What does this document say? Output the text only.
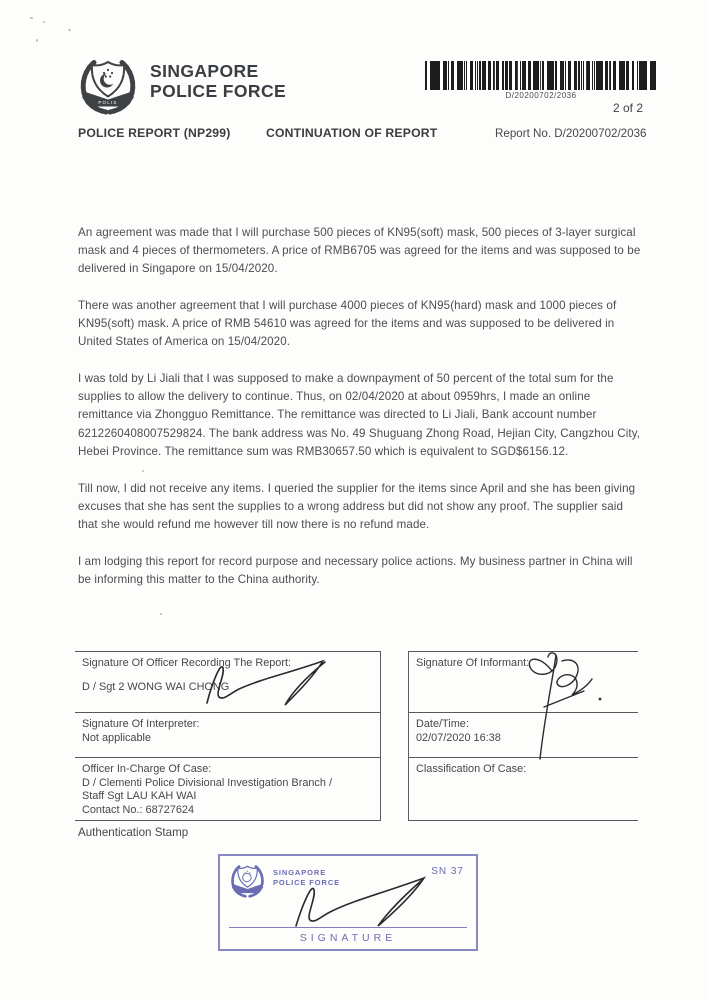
POLIS
SINGAPORE
POLICE FORCE	D/20200702/2036
2 of 2
POLICE REPORT (NP299)	CONTINUATION OF REPORT	Report No. D/20200702/2036

An agreement was made that I will purchase 500 pieces of KN95(soft) mask, 500 pieces of 3-layer surgical mask and 4 pieces of thermometers. A price of RMB6705 was agreed for the items and was supposed to be delivered in Singapore on 15/04/2020.

There was another agreement that I will purchase 4000 pieces of KN95(hard) mask and 1000 pieces of KN95(soft) mask. A price of RMB 54610 was agreed for the items and was supposed to be delivered in United States of America on 15/04/2020.

I was told by Li Jiali that I was supposed to make a downpayment of 50 percent of the total sum for the supplies to allow the delivery to continue. Thus, on 02/04/2020 at about 0959hrs, I made an online remittance via Zhongguo Remittance. The remittance was directed to Li Jiali, Bank account number 6212260408007529824. The bank address was No. 49 Shuguang Zhong Road, Hejian City, Cangzhou City, Hebei Province. The remittance sum was RMB30657.50 which is equivalent to SGD$6156.12.

Till now, I did not receive any items. I queried the supplier for the items since April and she has been giving excuses that she has sent the supplies to a wrong address but did not show any proof. The supplier said that she would refund me however till now there is no refund made.

I am lodging this report for record purpose and necessary police actions. My business partner in China will be informing this matter to the China authority.

Signature Of Officer Recording The Report:
D / Sgt 2 WONG WAI CHONG
Signature Of Interpreter:
Not applicable
Officer In-Charge Of Case:
D / Clementi Police Divisional Investigation Branch /
Staff Sgt LAU KAH WAI
Contact No.: 68727624
Signature Of Informant:
Date/Time:
02/07/2020 16:38
Classification Of Case:
Authentication Stamp
SINGAPORE
POLICE FORCE
SN 37
SIGNATURE
